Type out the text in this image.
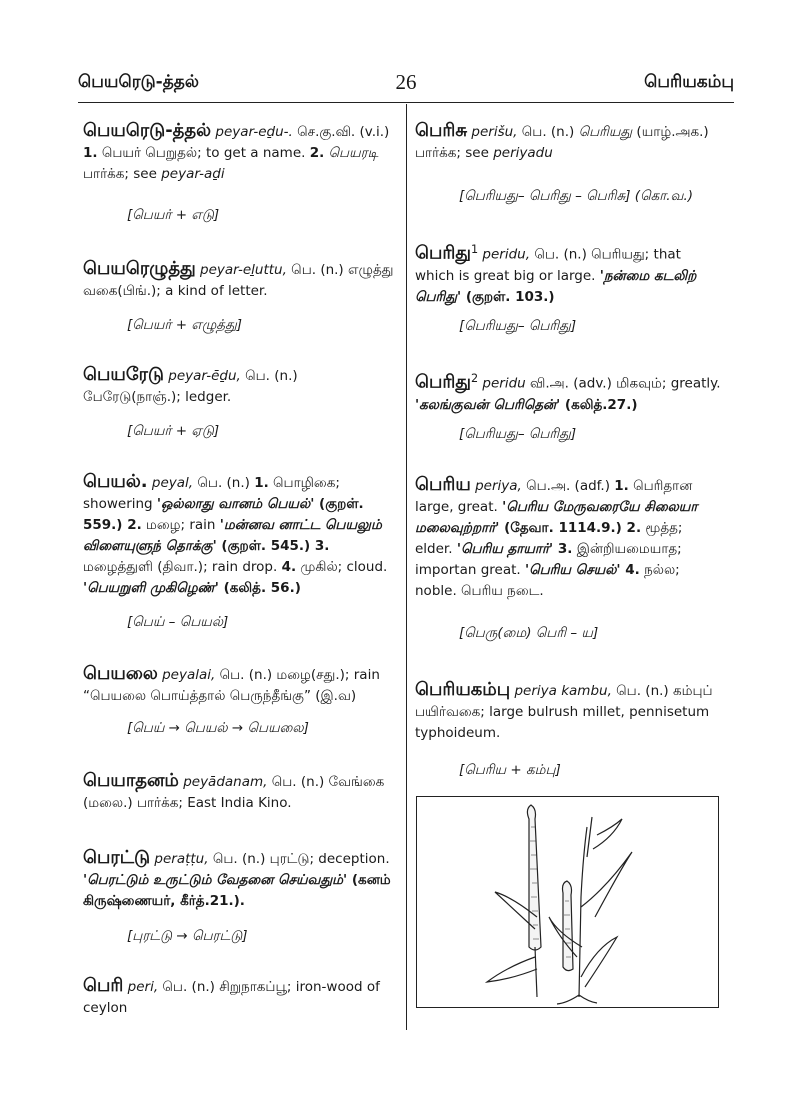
பெயரெடு-த்தல்	26	பெரியகம்பு
பெயரெடு-த்தல் peyar-eḏu-. செ.கு.வி. (v.i.) 1. பெயர் பெறுதல்; to get a name. 2. பெயரடி பார்க்க; see peyar-aḏi
[பெயர் + எடு]
பெயரெழுத்து peyar-eḻuttu, பெ. (n.) எழுத்து வகை(பிங்.); a kind of letter.
[பெயர் + எழுத்து]
பெயரேடு peyar-ēḏu, பெ. (n.) பேரேடு(நாஞ்.); ledger.
[பெயர் + ஏடு]
பெயல். peyal, பெ. (n.) 1. பொழிகை; showering 'ஒல்லாது வானம் பெயல்' (குறள். 559.) 2. மழை; rain 'மன்னவ னாட்ட பெயலும் விளையுளுந் தொக்கு' (குறள். 545.) 3. மழைத்துளி (திவா.); rain drop. 4. முகில்; cloud. 'பெயறுளி முகிழெண்' (கலித். 56.)
[பெய் – பெயல்]
பெயலை peyalai, பெ. (n.) மழை(சது.); rain “பெயலை பொய்த்தால் பெருந்தீங்கு” (இ.வ)
[பெய் → பெயல் → பெயலை]
பெயாதனம் peyādanam, பெ. (n.) வேங்கை (மலை.) பார்க்க; East India Kino.
பெரட்டு peraṭṭu, பெ. (n.) புரட்டு; deception. 'பெரட்டும் உருட்டும் வேதனை செய்வதும்' (கனம் கிருஷ்ணையர், கீர்த்.21.).
[புரட்டு → பெரட்டு]
பெரி peri, பெ. (n.) சிறுநாகப்பூ; iron-wood of ceylon
பெரிசு perišu, பெ. (n.) பெரியது (யாழ்.அக.) பார்க்க; see periyadu
[பெரியது– பெரிது – பெரிசு] (கொ.வ.)
பெரிது$^1$ peridu, பெ. (n.) பெரியது; that which is great big or large. 'நன்மை கடலிற் பெரிது' (குறள். 103.)
[பெரியது– பெரிது]
பெரிது$^2$ peridu வி.அ. (adv.) மிகவும்; greatly. 'கலங்குவன் பெரிதென்' (கலித்.27.)
[பெரியது– பெரிது]
பெரிய periya, பெ.அ. (adf.) 1. பெரிதான large, great. 'பெரிய மேருவரையே சிலையா மலைவுற்றார்' (தேவா. 1114.9.) 2. மூத்த; elder. 'பெரிய தாயார்' 3. இன்றியமையாத; importan great. 'பெரிய செயல்' 4. நல்ல; noble. பெரிய நடை.
[பெரு(மை) பெரி – ய]
பெரியகம்பு periya kambu, பெ. (n.) கம்புப் பயிர்வகை; large bulrush millet, pennisetum typhoideum.
[பெரிய + கம்பு]
